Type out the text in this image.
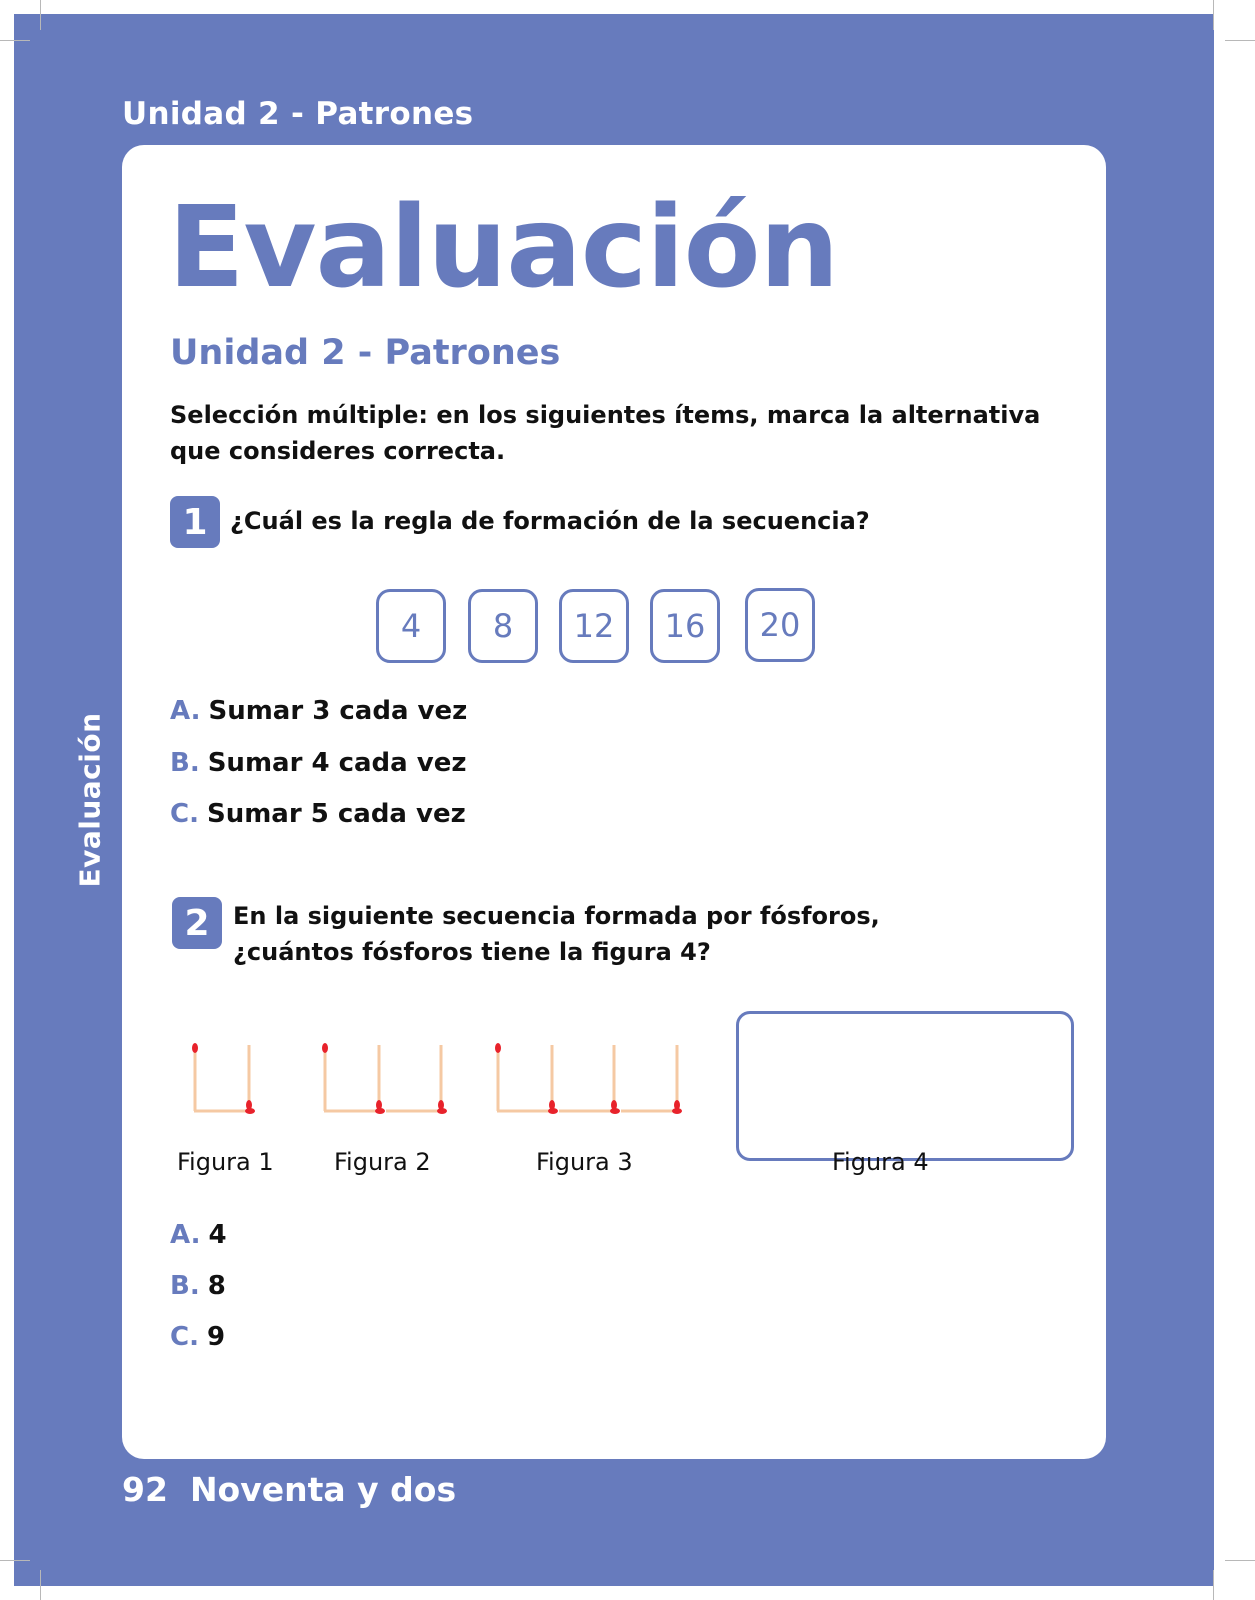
Unidad 2 - Patrones
Evaluación
Evaluación
Unidad 2 - Patrones
Selección múltiple: en los siguientes ítems, marca la alternativa que consideres correcta.
1 ¿Cuál es la regla de formación de la secuencia?
4	8	12	16	20
A. Sumar 3 cada vez
B. Sumar 4 cada vez
C. Sumar 5 cada vez
2 En la siguiente secuencia formada por fósforos,
¿cuántos fósforos tiene la figura 4?
Figura 1	Figura 2	Figura 3	Figura 4
A. 4
B. 8
C. 9
92 Noventa y dos
